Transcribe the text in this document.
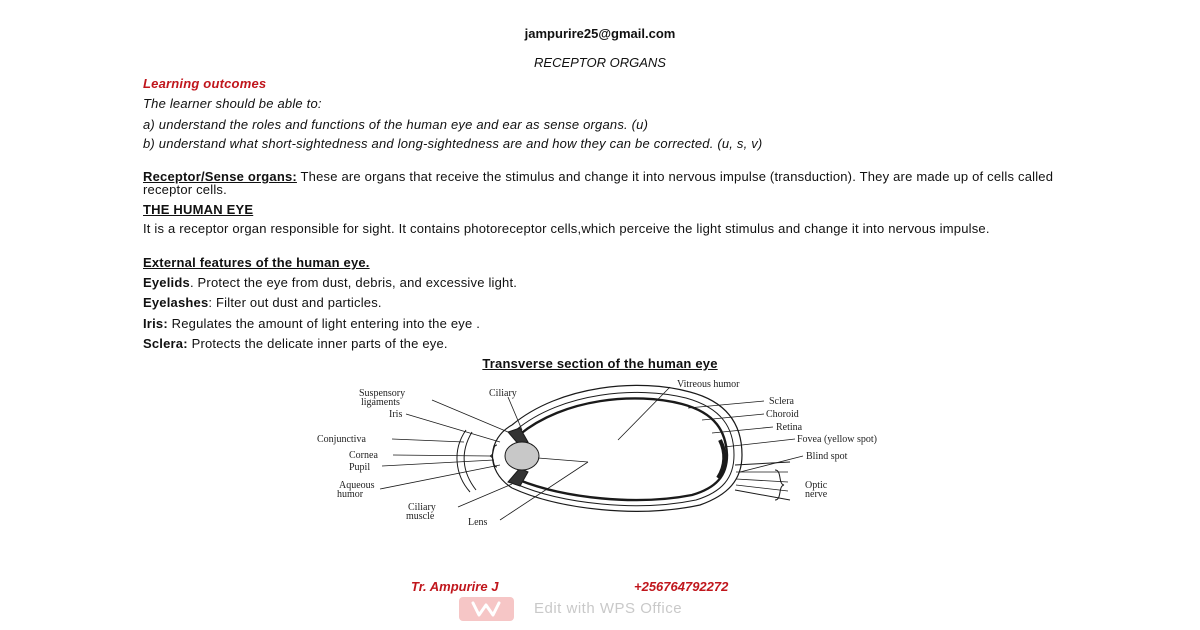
jampurire25@gmail.com
RECEPTOR ORGANS
Learning outcomes
The learner should be able to:
a) understand the roles and functions of the human eye and ear as sense organs. (u)
b) understand what short-sightedness and long-sightedness are and how they can be corrected. (u, s, v)
Receptor/Sense organs: These are organs that receive the stimulus and change it into nervous impulse (transduction). They are made up of cells called receptor cells.
THE HUMAN EYE
It is a receptor organ responsible for sight. It contains photoreceptor cells,which perceive the light stimulus and change it into nervous impulse.
External features of the human eye.
Eyelids. Protect the eye from dust, debris, and excessive light.
Eyelashes: Filter out dust and particles.
Iris: Regulates the amount of light entering into the eye .
Sclera: Protects the delicate inner parts of the eye.
Transverse section of the human eye
Suspensory
ligaments
Ciliary
Iris
Conjunctiva
Cornea
Pupil
Aqueous
humor
Ciliary
muscle
Lens
Vitreous humor
Sclera
Choroid
Retina
Fovea (yellow spot)
Blind spot
Optic
nerve
Tr. Ampurire J	+256764792272
Edit with WPS Office
